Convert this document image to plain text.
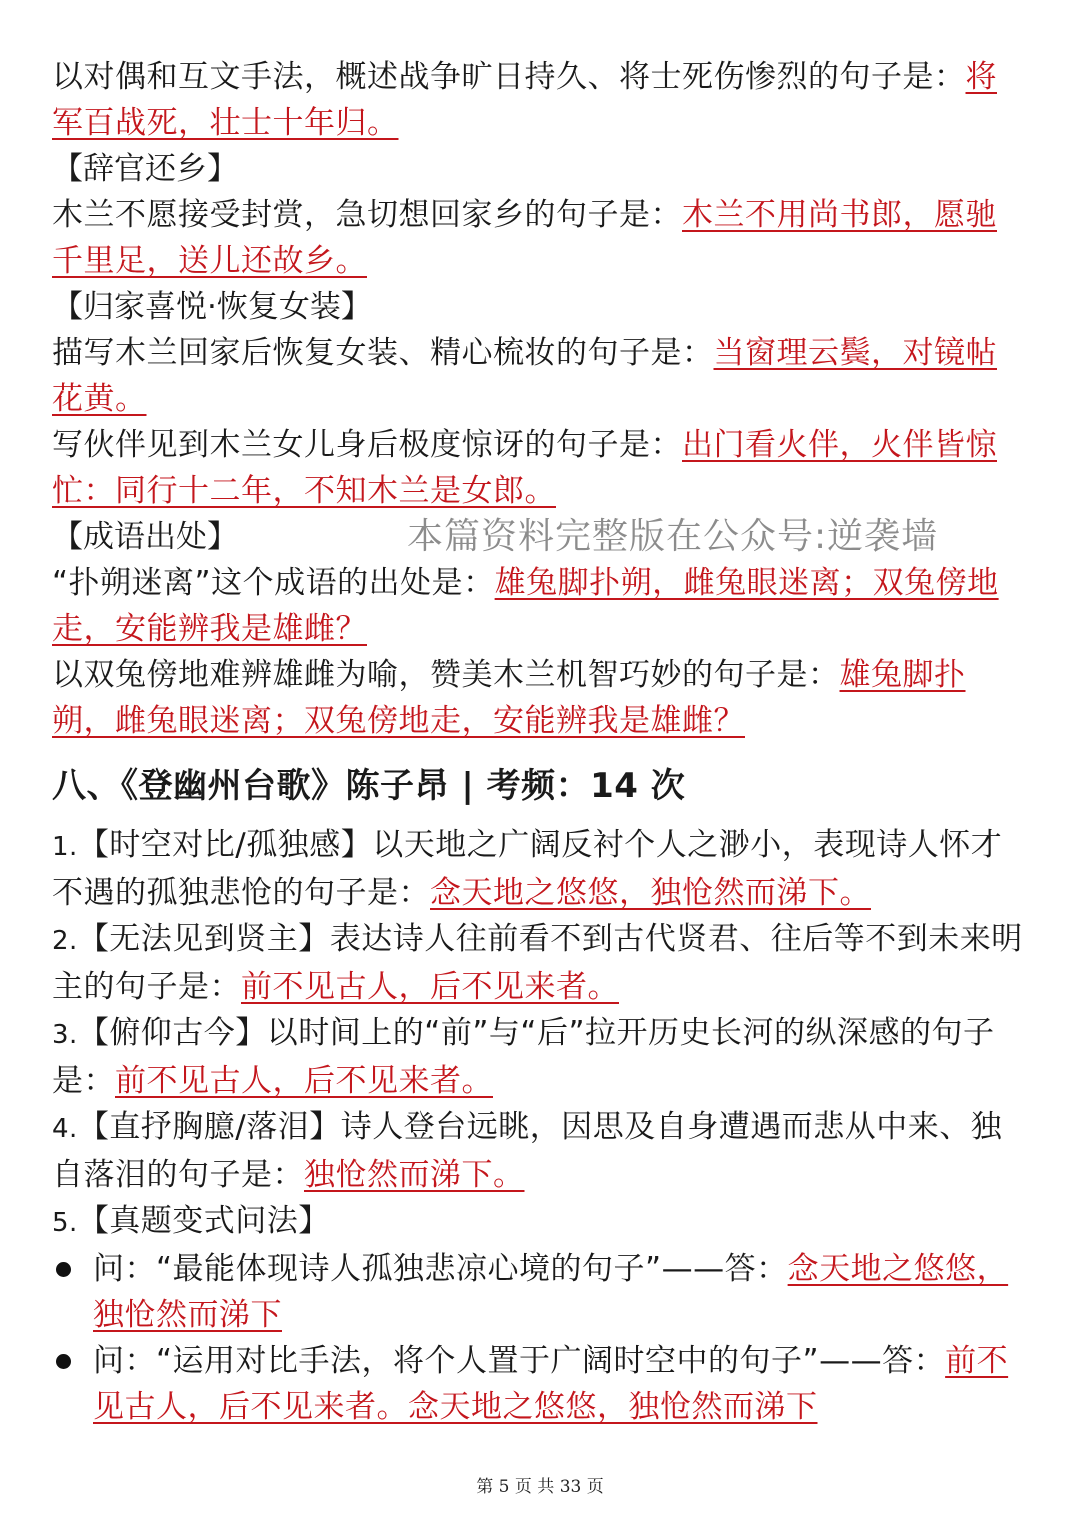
以对偶和互文手法，概述战争旷日持久、将士死伤惨烈的句子是：将军百战死，壮士十年归。

【辞官还乡】

木兰不愿接受封赏，急切想回家乡的句子是：木兰不用尚书郎，愿驰千里足，送儿还故乡。

【归家喜悦·恢复女装】

描写木兰回家后恢复女装、精心梳妆的句子是：当窗理云鬓，对镜帖花黄。

写伙伴见到木兰女儿身后极度惊讶的句子是：出门看火伴，火伴皆惊忙：同行十二年，不知木兰是女郎。

【成语出处】	本篇资料完整版在公众号:逆袭墙

“扑朔迷离”这个成语的出处是：雄兔脚扑朔，雌兔眼迷离；双兔傍地走，安能辨我是雄雌？

以双兔傍地难辨雄雌为喻，赞美木兰机智巧妙的句子是：雄兔脚扑朔，雌兔眼迷离；双兔傍地走，安能辨我是雄雌？

八、《登幽州台歌》陈子昂 | 考频：14 次

1.【时空对比/孤独感】以天地之广阔反衬个人之渺小，表现诗人怀才不遇的孤独悲怆的句子是：念天地之悠悠，独怆然而涕下。

2.【无法见到贤主】表达诗人往前看不到古代贤君、往后等不到未来明主的句子是：前不见古人，后不见来者。

3.【俯仰古今】以时间上的“前”与“后”拉开历史长河的纵深感的句子是：前不见古人，后不见来者。

4.【直抒胸臆/落泪】诗人登台远眺，因思及自身遭遇而悲从中来、独自落泪的句子是：独怆然而涕下。

5.【真题变式问法】

问：“最能体现诗人孤独悲凉心境的句子”——答：念天地之悠悠，独怆然而涕下

问：“运用对比手法，将个人置于广阔时空中的句子”——答：前不见古人，后不见来者。念天地之悠悠，独怆然而涕下

第 5 页 共 33 页
